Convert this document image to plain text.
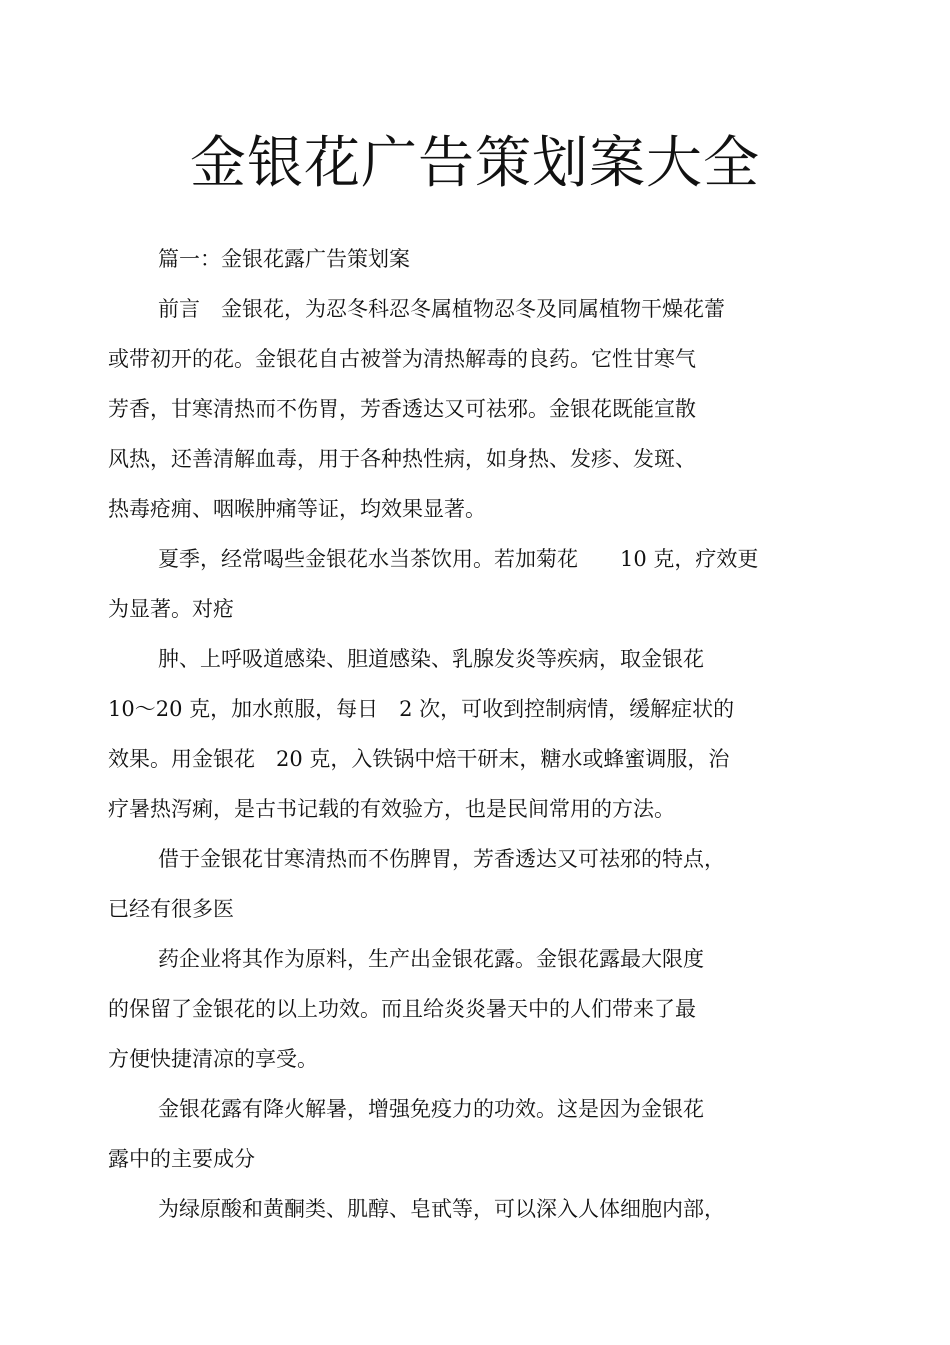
金银花广告策划案大全

篇一：金银花露广告策划案

前言　金银花，为忍冬科忍冬属植物忍冬及同属植物干燥花蕾

或带初开的花。金银花自古被誉为清热解毒的良药。它性甘寒气

芳香，甘寒清热而不伤胃，芳香透达又可祛邪。金银花既能宣散

风热，还善清解血毒，用于各种热性病，如身热、发疹、发斑、

热毒疮痈、咽喉肿痛等证，均效果显著。

夏季，经常喝些金银花水当茶饮用。若加菊花　　10 克，疗效更

为显著。对疮

肿、上呼吸道感染、胆道感染、乳腺发炎等疾病，取金银花

10～20 克，加水煎服，每日　2 次，可收到控制病情，缓解症状的

效果。用金银花　20 克，入铁锅中焙干研末，糖水或蜂蜜调服，治

疗暑热泻痢，是古书记载的有效验方，也是民间常用的方法。

借于金银花甘寒清热而不伤脾胃，芳香透达又可祛邪的特点，

已经有很多医

药企业将其作为原料，生产出金银花露。金银花露最大限度

的保留了金银花的以上功效。而且给炎炎暑天中的人们带来了最

方便快捷清凉的享受。

金银花露有降火解暑，增强免疫力的功效。这是因为金银花

露中的主要成分

为绿原酸和黄酮类、肌醇、皂甙等，可以深入人体细胞内部，
